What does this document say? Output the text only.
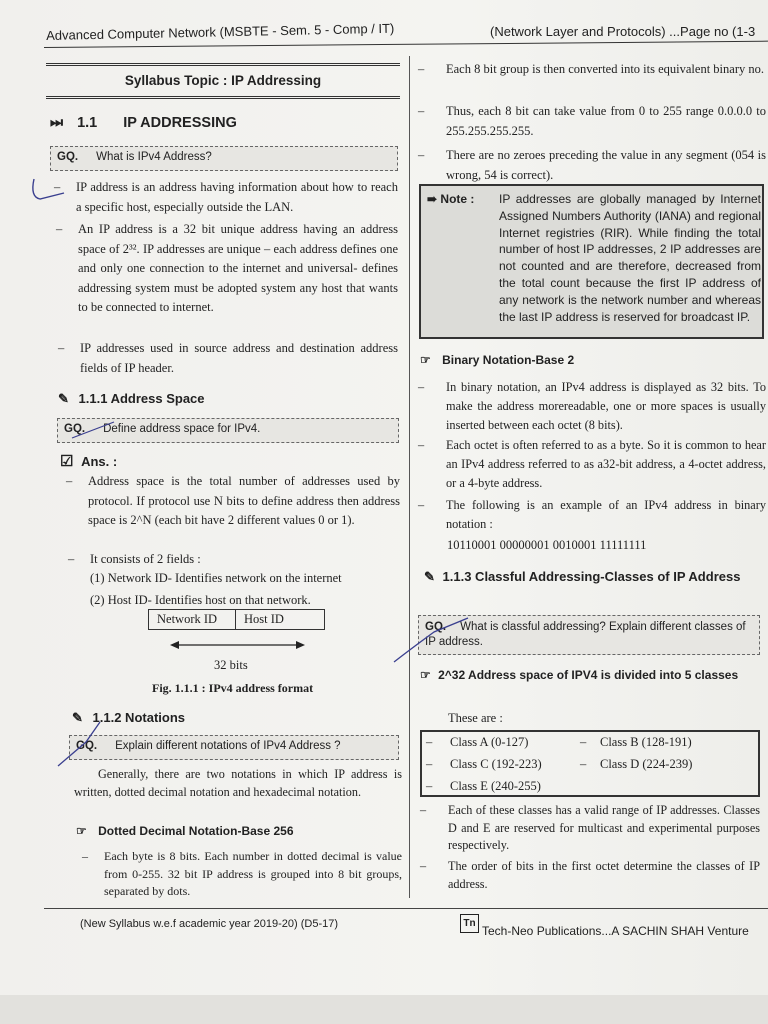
Advanced Computer Network (MSBTE - Sem. 5 - Comp / IT)	(Network Layer and Protocols) ...Page no (1-3
Syllabus Topic : IP Addressing
⏭ 1.1 IP ADDRESSING
GQ. What is IPv4 Address?
– IP address is an address having information about how to reach a specific host, especially outside the LAN.
– An IP address is a 32 bit unique address having an address space of 2³². IP addresses are unique – each address defines one and only one connection to the internet and universal- defines addressing system must be adopted system any host that wants to be connected to internet.
– IP addresses used in source address and destination address fields of IP header.
✎ 1.1.1 Address Space
GQ. Define address space for IPv4.
☑ Ans. :
– Address space is the total number of addresses used by protocol. If protocol use N bits to define address then address space is 2^N (each bit have 2 different values 0 or 1).
– It consists of 2 fields :
(1) Network ID- Identifies network on the internet
(2) Host ID- Identifies host on that network.
Network ID	Host ID
32 bits
Fig. 1.1.1 : IPv4 address format
✎ 1.1.2 Notations
GQ. Explain different notations of IPv4 Address ?
Generally, there are two notations in which IP address is written, dotted decimal notation and hexadecimal notation.
☞ Dotted Decimal Notation-Base 256
– Each byte is 8 bits. Each number in dotted decimal is value from 0-255. 32 bit IP address is grouped into 8 bit groups, separated by dots.
– Each 8 bit group is then converted into its equivalent binary no.
– Thus, each 8 bit can take value from 0 to 255 range 0.0.0.0 to 255.255.255.255.
– There are no zeroes preceding the value in any segment (054 is wrong, 54 is correct).
➠ Note : IP addresses are globally managed by Internet Assigned Numbers Authority (IANA) and regional Internet registries (RIR). While finding the total number of host IP addresses, 2 IP addresses are not counted and are therefore, decreased from the total count because the first IP address of any network is the network number and whereas the last IP address is reserved for broadcast IP.
☞ Binary Notation-Base 2
– In binary notation, an IPv4 address is displayed as 32 bits. To make the address morereadable, one or more spaces is usually inserted between each octet (8 bits).
– Each octet is often referred to as a byte. So it is common to hear an IPv4 address referred to as a32-bit address, a 4-octet address, or a 4-byte address.
– The following is an example of an IPv4 address in binary notation :
10110001 00000001 0010001 11111111
✎ 1.1.3 Classful Addressing-Classes of IP Address
GQ. What is classful addressing? Explain different classes of IP address.
☞ 2^32 Address space of IPV4 is divided into 5 classes
These are :
– Class A (0-127)	– Class B (128-191)
– Class C (192-223)	– Class D (224-239)
– Class E (240-255)
– Each of these classes has a valid range of IP addresses. Classes D and E are reserved for multicast and experimental purposes respectively.
– The order of bits in the first octet determine the classes of IP address.
(New Syllabus w.e.f academic year 2019-20) (D5-17)	Tn
Tech-Neo Publications...A SACHIN SHAH Venture
